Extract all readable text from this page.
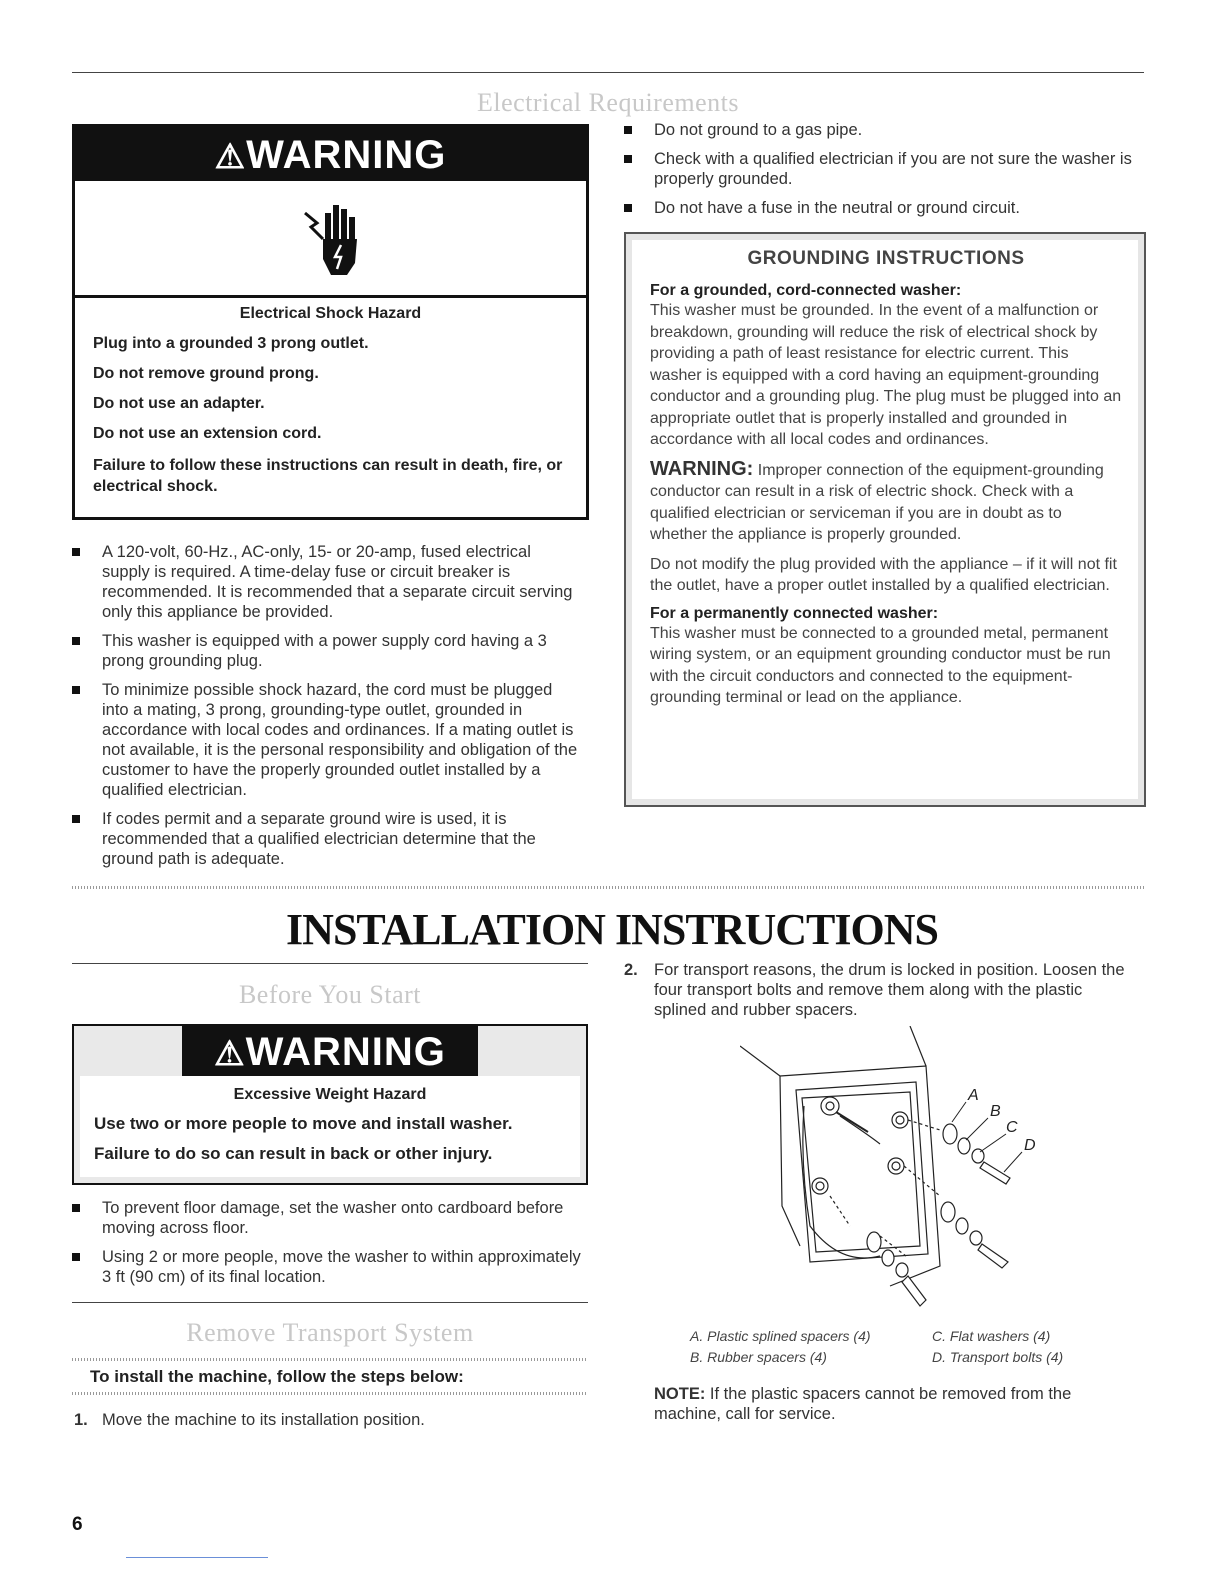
Electrical Requirements
⚠WARNING

Electrical Shock Hazard

Plug into a grounded 3 prong outlet.

Do not remove ground prong.

Do not use an adapter.

Do not use an extension cord.

Failure to follow these instructions can result in death, fire, or electrical shock.

A 120-volt, 60-Hz., AC-only, 15- or 20-amp, fused electrical supply is required. A time-delay fuse or circuit breaker is recommended. It is recommended that a separate circuit serving only this appliance be provided.
This washer is equipped with a power supply cord having a 3 prong grounding plug.
To minimize possible shock hazard, the cord must be plugged into a mating, 3 prong, grounding-type outlet, grounded in accordance with local codes and ordinances. If a mating outlet is not available, it is the personal responsibility and obligation of the customer to have the properly grounded outlet installed by a qualified electrician.
If codes permit and a separate ground wire is used, it is recommended that a qualified electrician determine that the ground path is adequate.
Do not ground to a gas pipe.
Check with a qualified electrician if you are not sure the washer is properly grounded.
Do not have a fuse in the neutral or ground circuit.
GROUNDING INSTRUCTIONS
For a grounded, cord-connected washer:
This washer must be grounded. In the event of a malfunction or breakdown, grounding will reduce the risk of electrical shock by providing a path of least resistance for electric current. This washer is equipped with a cord having an equipment-grounding conductor and a grounding plug. The plug must be plugged into an appropriate outlet that is properly installed and grounded in accordance with all local codes and ordinances.
WARNING: Improper connection of the equipment-grounding conductor can result in a risk of electric shock. Check with a qualified electrician or serviceman if you are in doubt as to whether the appliance is properly grounded.
Do not modify the plug provided with the appliance – if it will not fit the outlet, have a proper outlet installed by a qualified electrician.
For a permanently connected washer:
This washer must be connected to a grounded metal, permanent wiring system, or an equipment grounding conductor must be run with the circuit conductors and connected to the equipment-grounding terminal or lead on the appliance.
INSTALLATION INSTRUCTIONS
Before You Start
⚠WARNING

Excessive Weight Hazard

Use two or more people to move and install washer.

Failure to do so can result in back or other injury.

To prevent floor damage, set the washer onto cardboard before moving across floor.
Using 2 or more people, move the washer to within approximately 3 ft (90 cm) of its final location.
Remove Transport System
To install the machine, follow the steps below:
1. Move the machine to its installation position.
2. For transport reasons, the drum is locked in position. Loosen the four transport bolts and remove them along with the plastic splined and rubber spacers.
A
B
C
D
A. Plastic splined spacers (4)
B. Rubber spacers (4)
C. Flat washers (4)
D. Transport bolts (4)
NOTE: If the plastic spacers cannot be removed from the machine, call for service.
6
